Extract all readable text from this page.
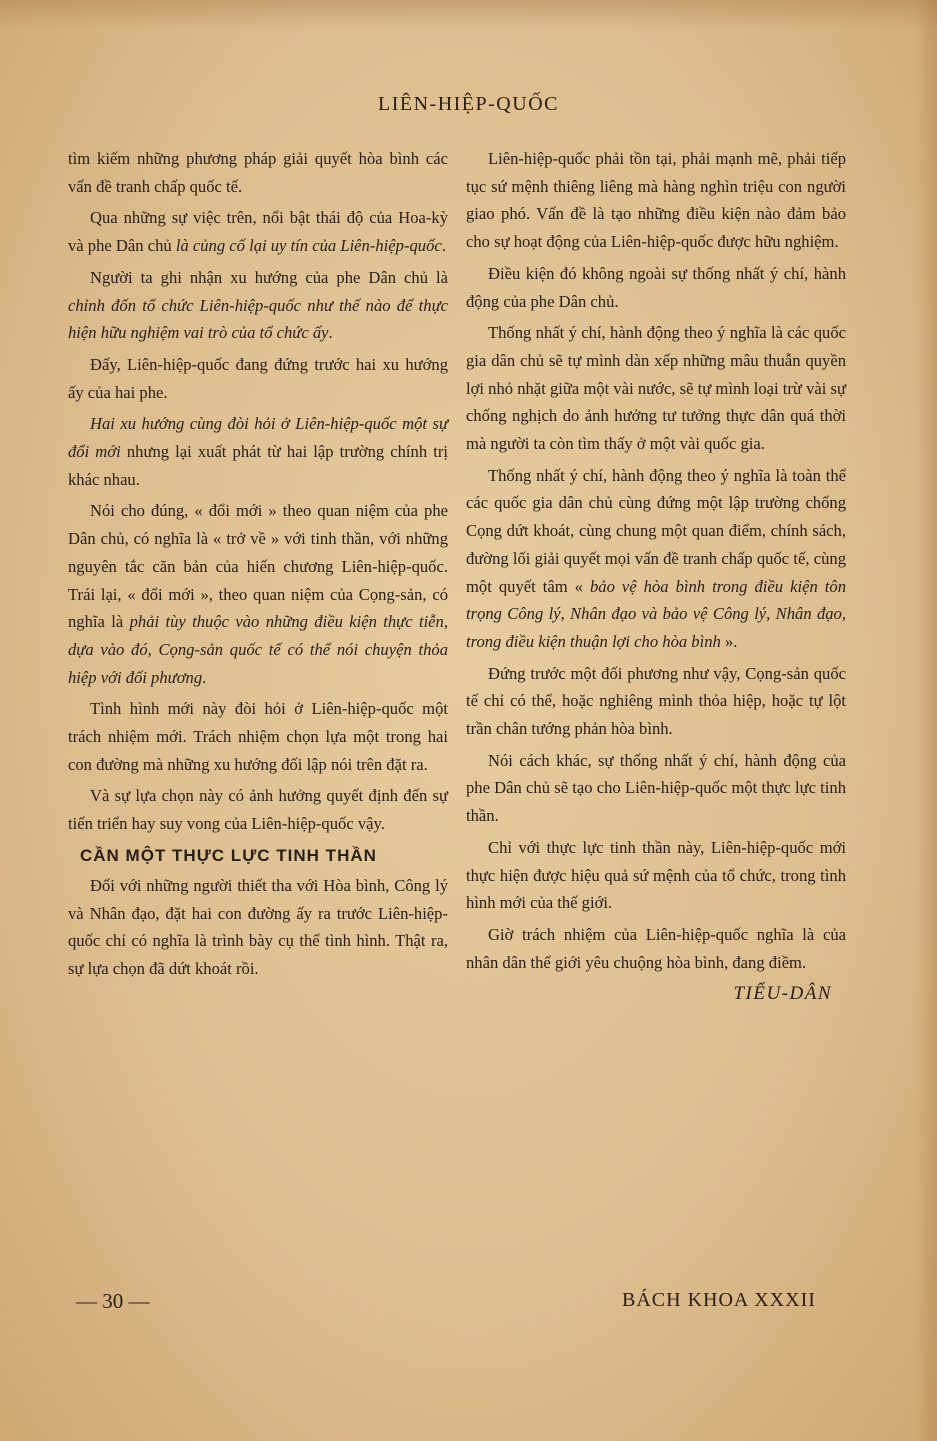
LIÊN-HIỆP-QUỐC

tìm kiếm những phương pháp giải quyết hòa bình các vấn đề tranh chấp quốc tế.

Qua những sự việc trên, nổi bật thái độ của Hoa-kỳ và phe Dân chủ là củng cố lại uy tín của Liên-hiệp-quốc.

Người ta ghi nhận xu hướng của phe Dân chủ là chỉnh đốn tổ chức Liên-hiệp-quốc như thế nào để thực hiện hữu nghiệm vai trò của tổ chức ấy.

Đấy, Liên-hiệp-quốc đang đứng trước hai xu hướng ấy của hai phe.

Hai xu hướng cùng đòi hỏi ở Liên-hiệp-quốc một sự đổi mới nhưng lại xuất phát từ hai lập trường chính trị khác nhau.

Nói cho đúng, « đổi mới » theo quan niệm của phe Dân chủ, có nghĩa là « trở về » với tinh thần, với những nguyên tắc căn bản của hiến chương Liên-hiệp-quốc. Trái lại, « đổi mới », theo quan niệm của Cọng-sản, có nghĩa là phải tùy thuộc vào những điều kiện thực tiễn, dựa vào đó, Cọng-sản quốc tế có thể nói chuyện thỏa hiệp với đối phương.

Tình hình mới này đòi hỏi ở Liên-hiệp-quốc một trách nhiệm mới. Trách nhiệm chọn lựa một trong hai con đường mà những xu hướng đối lập nói trên đặt ra.

Và sự lựa chọn này có ảnh hưởng quyết định đến sự tiến triển hay suy vong của Liên-hiệp-quốc vậy.

CẦN MỘT THỰC LỰC TINH THẦN

Đối với những người thiết tha với Hòa bình, Công lý và Nhân đạo, đặt hai con đường ấy ra trước Liên-hiệp-quốc chỉ có nghĩa là trình bày cụ thể tình hình. Thật ra, sự lựa chọn đã dứt khoát rồi.

Liên-hiệp-quốc phải tồn tại, phải mạnh mẽ, phải tiếp tục sứ mệnh thiêng liêng mà hàng nghìn triệu con người giao phó. Vấn đề là tạo những điều kiện nào đảm bảo cho sự hoạt động của Liên-hiệp-quốc được hữu nghiệm.

Điều kiện đó không ngoài sự thống nhất ý chí, hành động của phe Dân chủ.

Thống nhất ý chí, hành động theo ý nghĩa là các quốc gia dân chủ sẽ tự mình dàn xếp những mâu thuẫn quyền lợi nhỏ nhặt giữa một vài nước, sẽ tự mình loại trừ vài sự chống nghịch do ảnh hưởng tư tưởng thực dân quá thời mà người ta còn tìm thấy ở một vài quốc gia.

Thống nhất ý chí, hành động theo ý nghĩa là toàn thể các quốc gia dân chủ cùng đứng một lập trường chống Cọng dứt khoát, cùng chung một quan điểm, chính sách, đường lối giải quyết mọi vấn đề tranh chấp quốc tế, cùng một quyết tâm « bảo vệ hòa bình trong điều kiện tôn trọng Công lý, Nhân đạo và bảo vệ Công lý, Nhân đạo, trong điều kiện thuận lợi cho hòa bình ».

Đứng trước một đối phương như vậy, Cọng-sản quốc tế chỉ có thể, hoặc nghiêng mình thỏa hiệp, hoặc tự lột trần chân tướng phản hòa bình.

Nói cách khác, sự thống nhất ý chí, hành động của phe Dân chủ sẽ tạo cho Liên-hiệp-quốc một thực lực tinh thần.

Chỉ với thực lực tinh thần này, Liên-hiệp-quốc mới thực hiện được hiệu quả sứ mệnh của tổ chức, trong tình hình mới của thế giới.

Giờ trách nhiệm của Liên-hiệp-quốc nghĩa là của nhân dân thế giới yêu chuộng hòa bình, đang điềm.

TIỂU-DÂN
— 30 —	BÁCH KHOA XXXII
